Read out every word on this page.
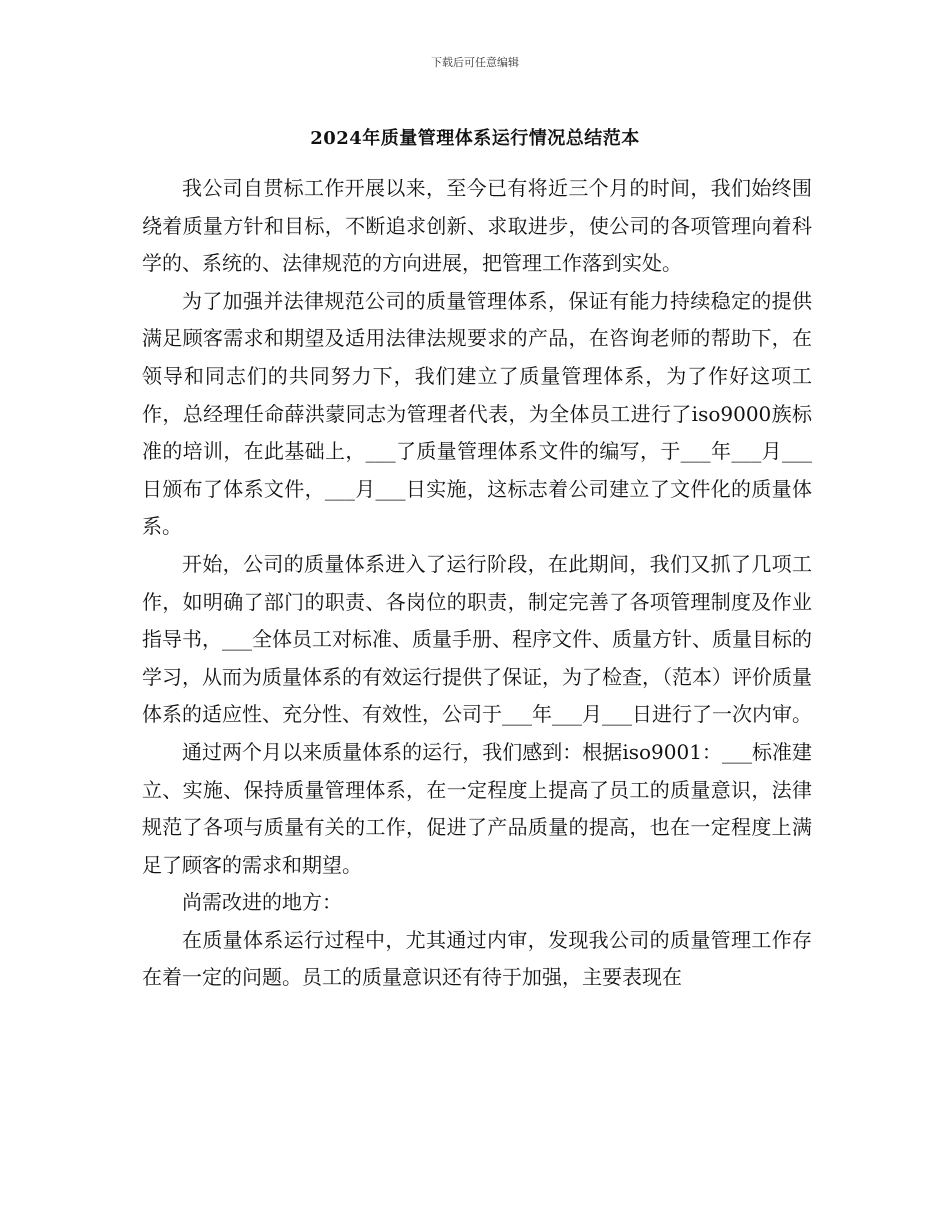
下载后可任意编辑
2024年质量管理体系运行情况总结范本

我公司自贯标工作开展以来，至今已有将近三个月的时间，我们始终围绕着质量方针和目标，不断追求创新、求取进步，使公司的各项管理向着科学的、系统的、法律规范的方向进展，把管理工作落到实处。

为了加强并法律规范公司的质量管理体系，保证有能力持续稳定的提供满足顾客需求和期望及适用法律法规要求的产品，在咨询老师的帮助下，在领导和同志们的共同努力下，我们建立了质量管理体系，为了作好这项工作，总经理任命薛洪蒙同志为管理者代表，为全体员工进行了iso9000族标准的培训，在此基础上，___了质量管理体系文件的编写，于___年___月___日颁布了体系文件，___月___日实施，这标志着公司建立了文件化的质量体系。

开始，公司的质量体系进入了运行阶段，在此期间，我们又抓了几项工作，如明确了部门的职责、各岗位的职责，制定完善了各项管理制度及作业指导书，___全体员工对标准、质量手册、程序文件、质量方针、质量目标的学习，从而为质量体系的有效运行提供了保证，为了检查，（范本）评价质量体系的适应性、充分性、有效性，公司于___年___月___日进行了一次内审。

通过两个月以来质量体系的运行，我们感到：根据iso9001：___标准建立、实施、保持质量管理体系，在一定程度上提高了员工的质量意识，法律规范了各项与质量有关的工作，促进了产品质量的提高，也在一定程度上满足了顾客的需求和期望。

尚需改进的地方：

在质量体系运行过程中，尤其通过内审，发现我公司的质量管理工作存在着一定的问题。员工的质量意识还有待于加强，主要表现在
